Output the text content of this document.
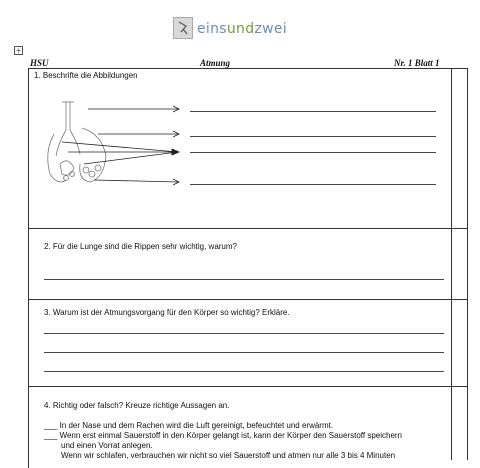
einsundzwei
+
HSU	Atmung	Nr. 1 Blatt 1
1. Beschrifte die Abbildungen
2. Für die Lunge sind die Rippen sehr wichtig, warum?
3. Warum ist der Atmungsvorgang für den Körper so wichtig? Erkläre.
4. Richtig oder falsch? Kreuze richtige Aussagen an.
___ In der Nase und dem Rachen wird die Luft gereinigt, befeuchtet und erwärmt.
___ Wenn erst einmal Sauerstoff in den Körper gelangt ist, kann der Körper den Sauerstoff speichern
und einen Vorrat anlegen.
Wenn wir schlafen, verbrauchen wir nicht so viel Sauerstoff und atmen nur alle 3 bis 4 Minuten
